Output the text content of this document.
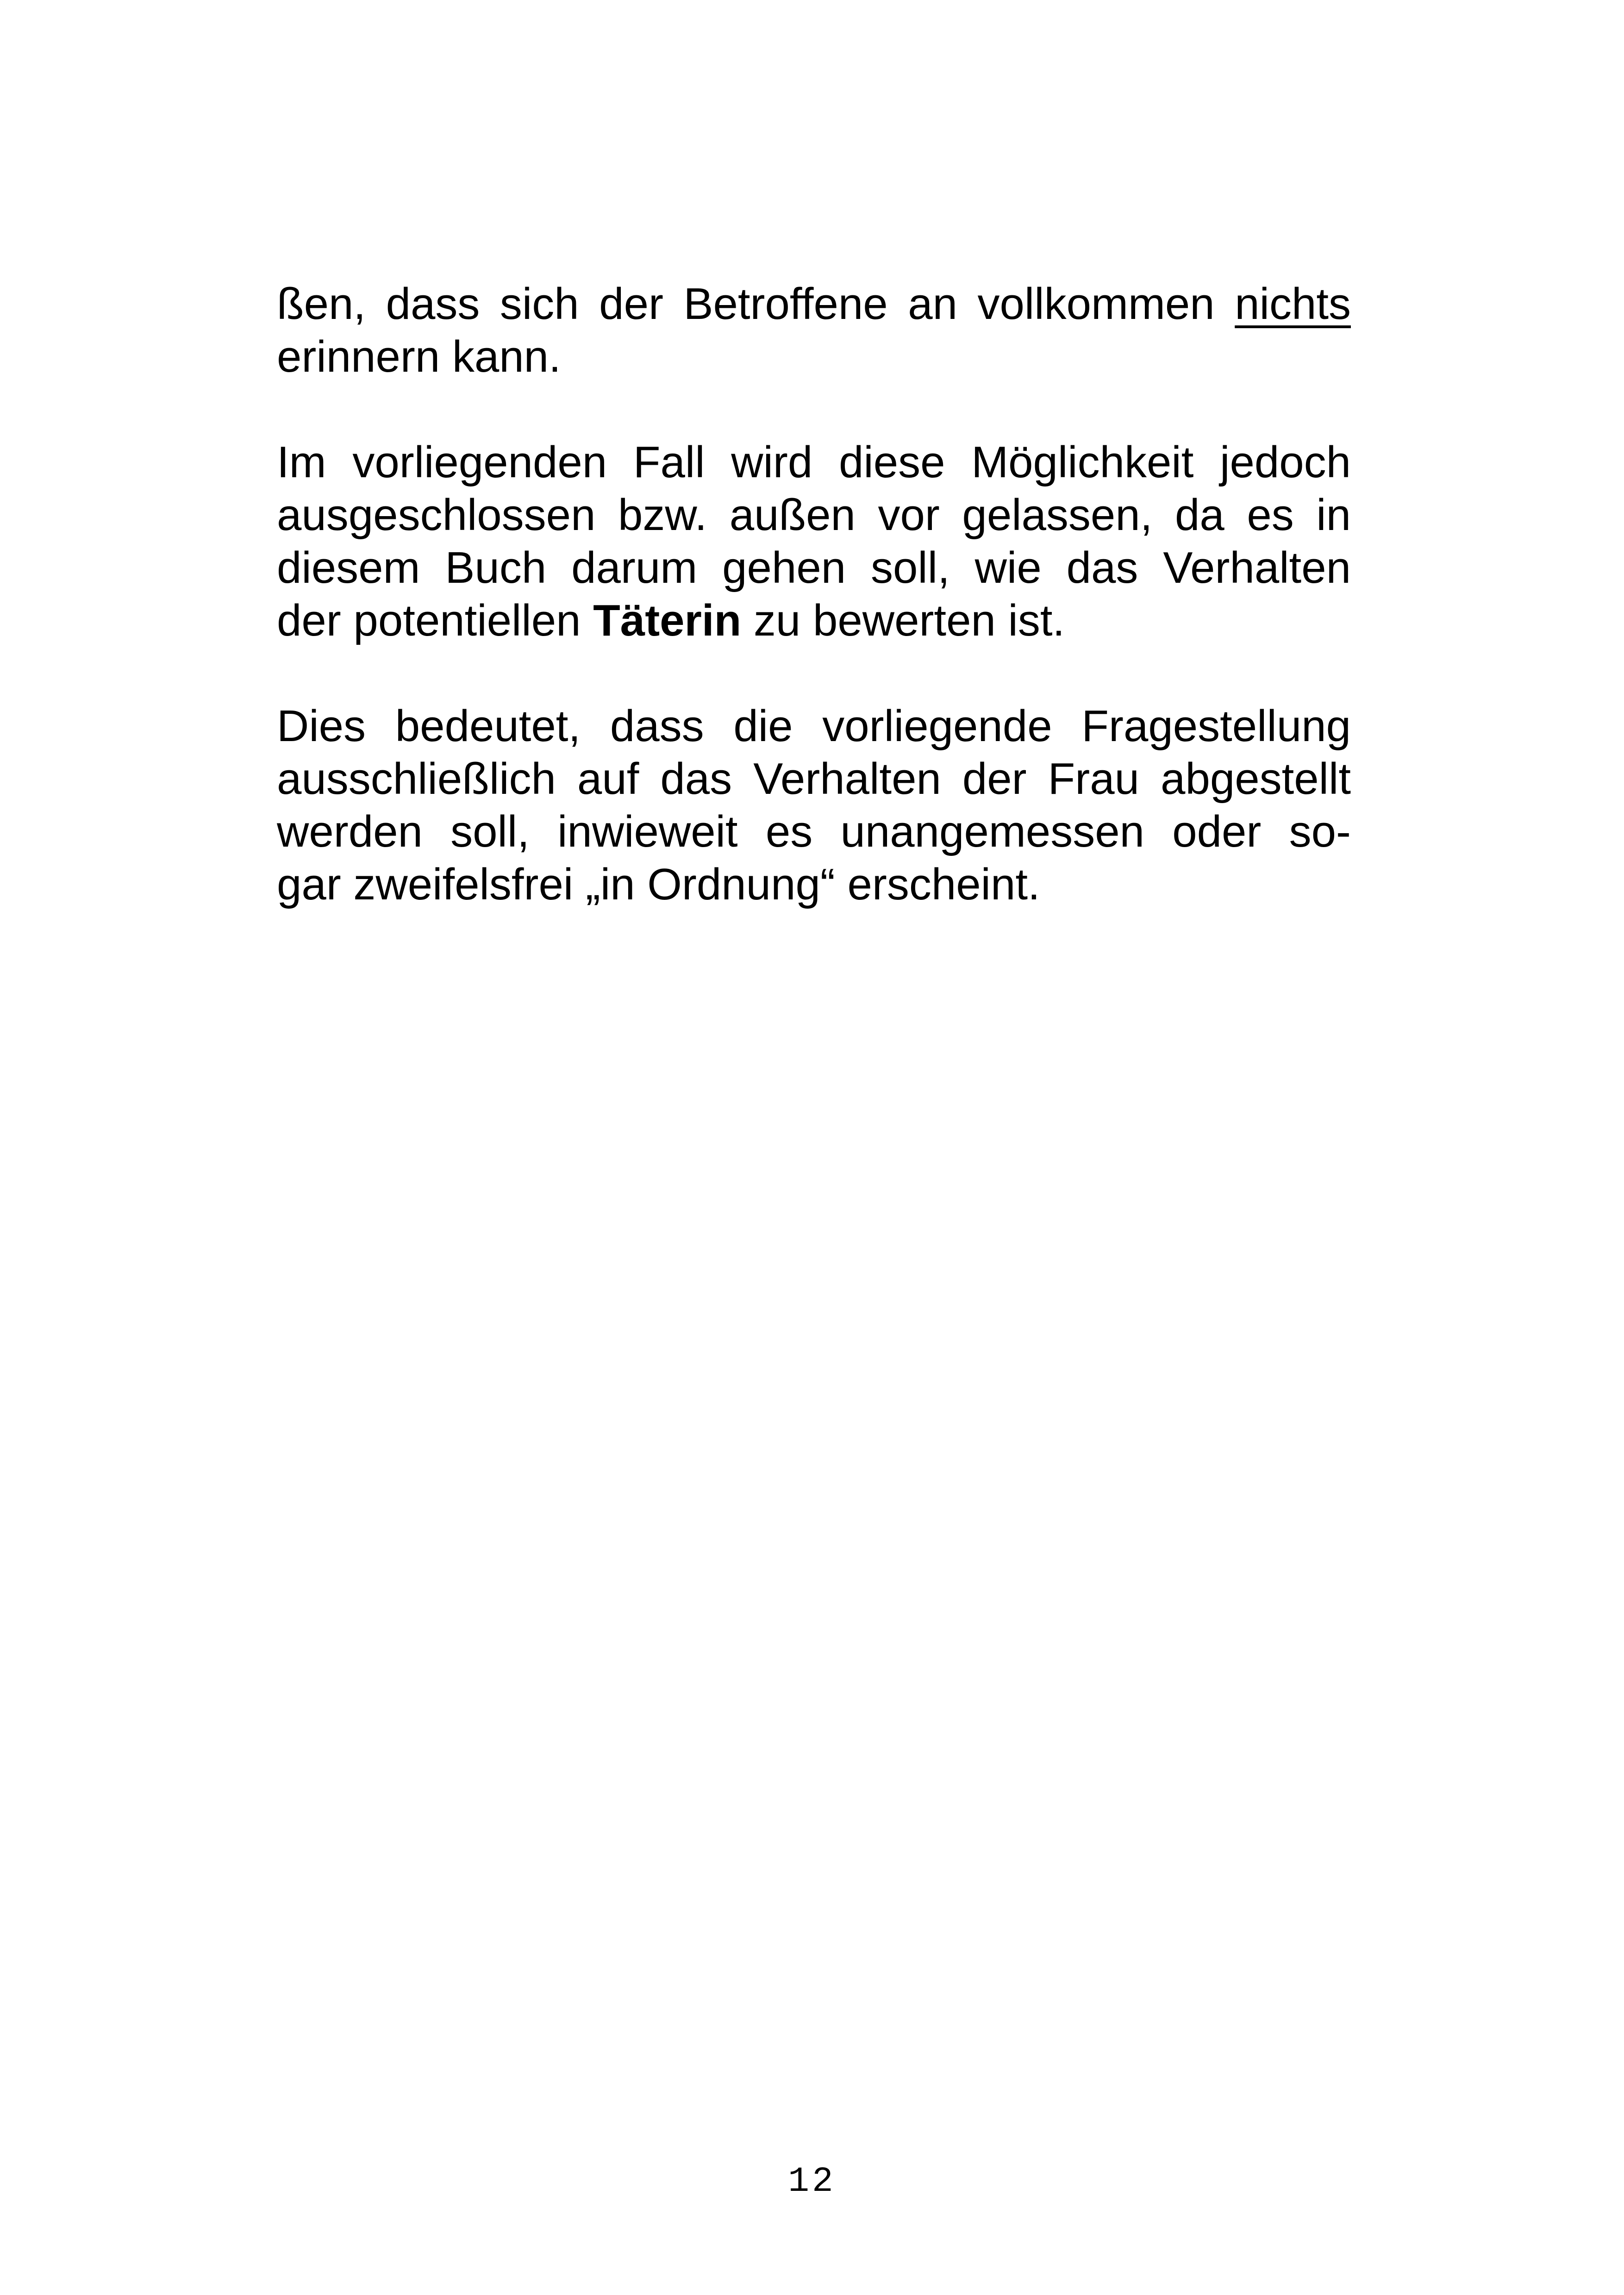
ßen, dass sich der Betroffene an vollkommen nichts
erinnern kann.

Im vorliegenden Fall wird diese Möglichkeit jedoch
ausgeschlossen bzw. außen vor gelassen, da es in
diesem Buch darum gehen soll, wie das Verhalten
der potentiellen Täterin zu bewerten ist.

Dies bedeutet, dass die vorliegende Fragestellung
ausschließlich auf das Verhalten der Frau abgestellt
werden soll, inwieweit es unangemessen oder so-
gar zweifelsfrei „in Ordnung“ erscheint.

12
